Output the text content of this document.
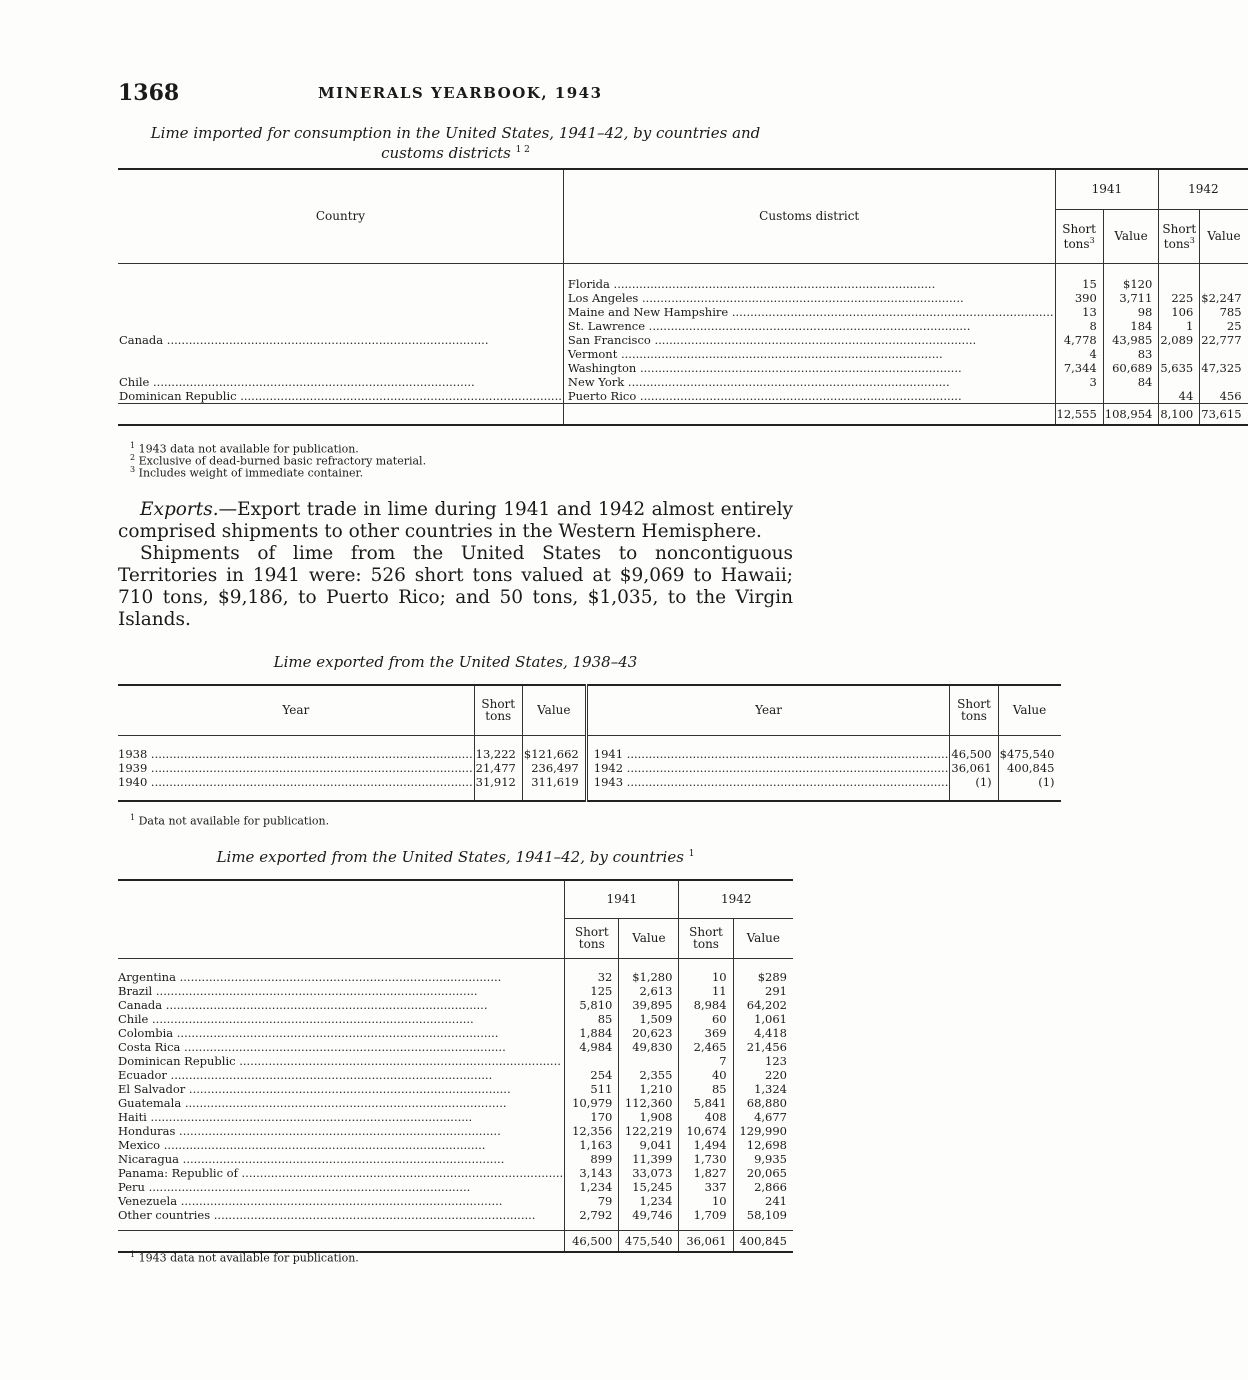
1368	MINERALS YEARBOOK, 1943
Lime imported for consumption in the United States, 1941–42, by countries and
customs districts $^{1 2}$
Country	Customs district	1941		1942	
		Short tons$^3$	Value	Short tons$^3$	Value

	Florida .....	15	$120		
	Los Angeles .....	390	3,711	225	$2,247
	Maine and New Hampshire .....	13	98	106	785
	St. Lawrence .....	8	184	1	25
Canada .....	San Francisco .....	4,778	43,985	2,089	22,777
	Vermont .....	4	83		
	Washington .....	7,344	60,689	5,635	47,325
Chile .....	New York .....	3	84		
Dominican Republic .....	Puerto Rico .....			44	456
		12,555	108,954	8,100	73,615
$^1$ 1943 data not available for publication.
$^2$ Exclusive of dead-burned basic refractory material.
$^3$ Includes weight of immediate container.

Exports.—Export trade in lime during 1941 and 1942 almost entirely comprised shipments to other countries in the Western Hemisphere.

Shipments of lime from the United States to noncontiguous Territories in 1941 were: 526 short tons valued at $9,069 to Hawaii; 710 tons, $9,186, to Puerto Rico; and 50 tons, $1,035, to the Virgin Islands.

Lime exported from the United States, 1938–43
Year	Short tons	Value	Year	Short tons	Value

1938 .....	13,222	$121,662	1941 .....	46,500	$475,540
1939 .....	21,477	236,497	1942 .....	36,061	400,845
1940 .....	31,912	311,619	1943 .....	(1)	(1)

$^1$ Data not available for publication.
Lime exported from the United States, 1941–42, by countries $^1$
	1941		1942	
	Short tons	Value	Short tons	Value

Argentina .....	32	$1,280	10	$289
Brazil .....	125	2,613	11	291
Canada .....	5,810	39,895	8,984	64,202
Chile .....	85	1,509	60	1,061
Colombia .....	1,884	20,623	369	4,418
Costa Rica .....	4,984	49,830	2,465	21,456
Dominican Republic .....			7	123
Ecuador .....	254	2,355	40	220
El Salvador .....	511	1,210	85	1,324
Guatemala .....	10,979	112,360	5,841	68,880
Haiti .....	170	1,908	408	4,677
Honduras .....	12,356	122,219	10,674	129,990
Mexico .....	1,163	9,041	1,494	12,698
Nicaragua .....	899	11,399	1,730	9,935
Panama: Republic of .....	3,143	33,073	1,827	20,065
Peru .....	1,234	15,245	337	2,866
Venezuela .....	79	1,234	10	241
Other countries .....	2,792	49,746	1,709	58,109

	46,500	475,540	36,061	400,845
$^1$ 1943 data not available for publication.
